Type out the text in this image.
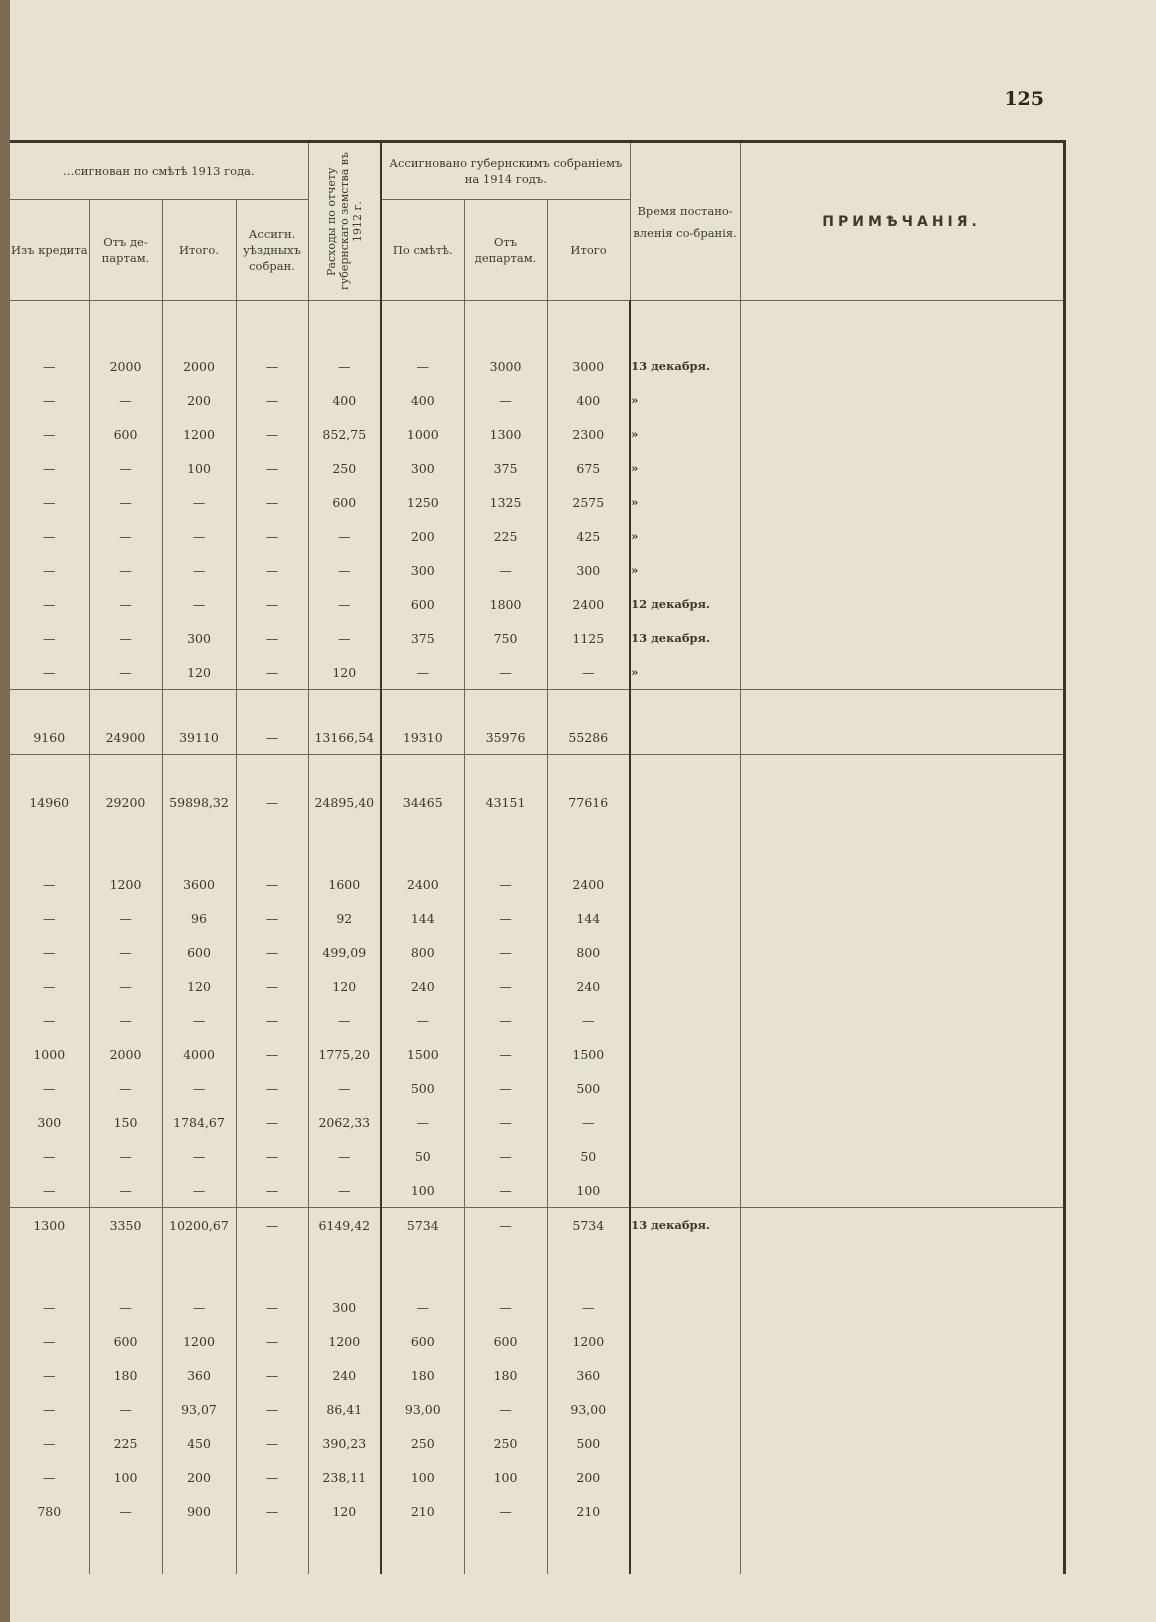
125
…сигнован по смѣтѣ 1913 года.				Расходы по отчету губернскаго земства въ 1912 г.	Ассигновано губернскимъ собраніемъ на 1914 годъ.			Время постано-вленія со-бранія.	ПРИМѢЧАНІЯ.
Изъ кредита	Отъ де-партам.	Итого.	Ассигн. уѣздныхъ собран.		По смѣтѣ.	Отъ департам.	Итого		

—	2000	2000	—	—	—	3000	3000	13 декабря.	
—	—	200	—	400	400	—	400	»	
—	600	1200	—	852,75	1000	1300	2300	»	
—	—	100	—	250	300	375	675	»	
—	—	—	—	600	1250	1325	2575	»	
—	—	—	—	—	200	225	425	»	
—	—	—	—	—	300	—	300	»	
—	—	—	—	—	600	1800	2400	12 декабря.	
—	—	300	—	—	375	750	1125	13 декабря.	
—	—	120	—	120	—	—	—	»	

9160	24900	39110	—	13166,54	19310	35976	55286		

14960	29200	59898,32	—	24895,40	34465	43151	77616		

—	1200	3600	—	1600	2400	—	2400		
—	—	96	—	92	144	—	144		
—	—	600	—	499,09	800	—	800		
—	—	120	—	120	240	—	240		
—	—	—	—	—	—	—	—		
1000	2000	4000	—	1775,20	1500	—	1500		
—	—	—	—	—	500	—	500		
300	150	1784,67	—	2062,33	—	—	—		
—	—	—	—	—	50	—	50		
—	—	—	—	—	100	—	100		
1300	3350	10200,67	—	6149,42	5734	—	5734	13 декабря.	

—	—	—	—	300	—	—	—		
—	600	1200	—	1200	600	600	1200		
—	180	360	—	240	180	180	360		
—	—	93,07	—	86,41	93,00	—	93,00		
—	225	450	—	390,23	250	250	500		
—	100	200	—	238,11	100	100	200		
780	—	900	—	120	210	—	210		
